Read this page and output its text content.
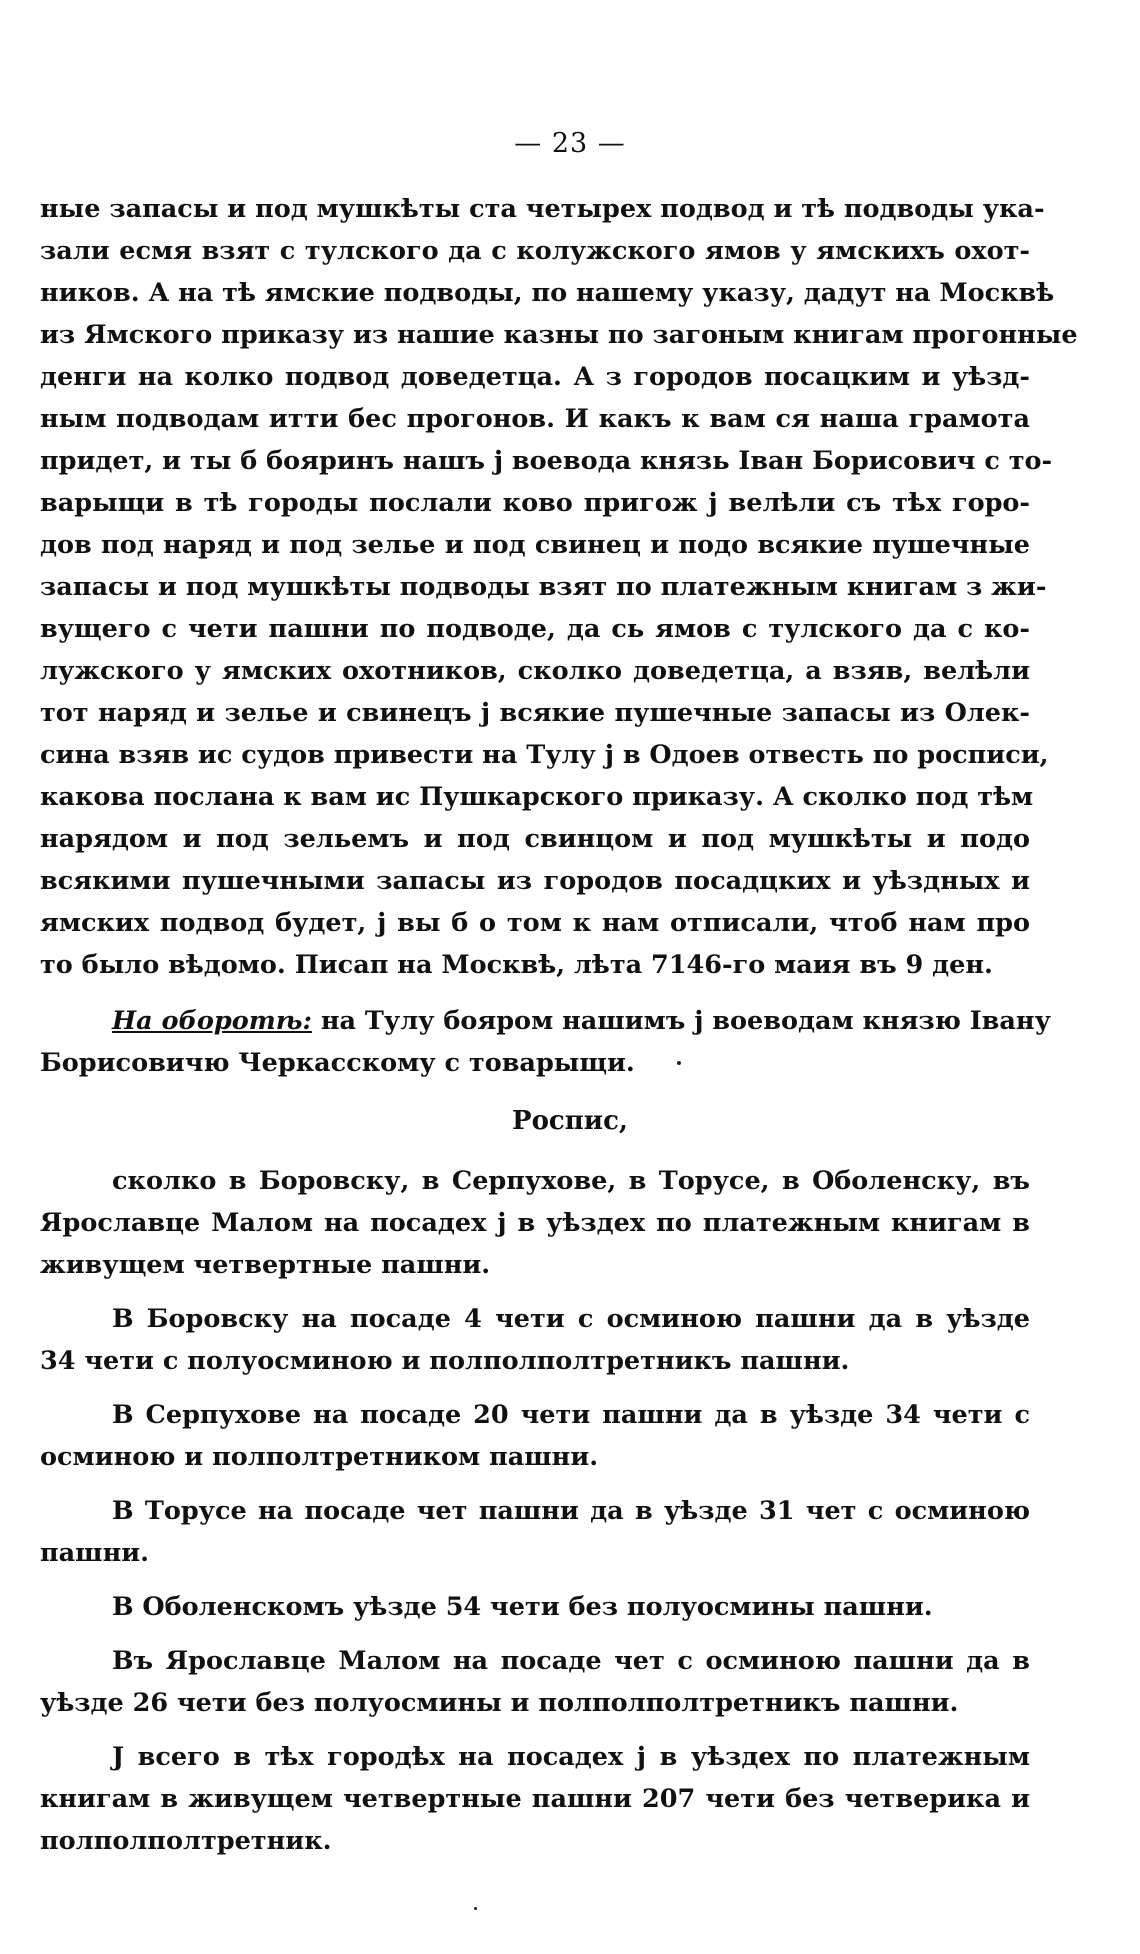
— 23 —
ные запасы и под мушкѣты ста четырех подвод и тѣ подводы ука-
зали есмя взят с тулского да с колужского ямов у ямскихъ охот-
ников. А на тѣ ямские подводы, по нашему указу, дадут на Москвѣ
из Ямского приказу из нашие казны по загоным книгам прогонные
денги на колко подвод доведетца. А з городов посацким и уѣзд-
ным подводам итти бес прогонов. И какъ к вам ся наша грамота
придет, и ты б бояринъ нашъ ј воевода князь Іван Борисович с то-
варыщи в тѣ городы послали ково пригож ј велѣли съ тѣх горо-
дов под наряд и под зелье и под свинец и подо всякие пушечные
запасы и под мушкѣты подводы взят по платежным книгам з жи-
вущего с чети пашни по подводе, да сь ямов с тулского да с ко-
лужского у ямских охотников, сколко доведетца, а взяв, велѣли
тот наряд и зелье и свинецъ ј всякие пушечные запасы из Олек-
сина взяв ис судов привести на Тулу ј в Одоев отвесть по росписи,
какова послана к вам ис Пушкарского приказу. А сколко под тѣм
нарядом и под зельемъ и под свинцом и под мушкѣты и подо
всякими пушечными запасы из городов посадцких и уѣздных и
ямских подвод будет, ј вы б о том к нам отписали, чтоб нам про
то было вѣдомо. Писап на Москвѣ, лѣта 7146-го маия въ 9 ден.
На оборотѣ: на Тулу бояром нашимъ ј воеводам князю Івану
Борисовичю Черкасскому с товарыщи.
Роспис,
сколко в Боровску, в Серпухове, в Торусе, в Оболенску, въ
Ярославце Малом на посадех ј в уѣздех по платежным книгам в
живущем четвертные пашни.
В Боровску на посаде 4 чети с осминою пашни да в уѣзде
34 чети с полуосминою и полполполтретникъ пашни.
В Серпухове на посаде 20 чети пашни да в уѣзде 34 чети с
осминою и полполтретником пашни.
В Торусе на посаде чет пашни да в уѣзде 31 чет с осминою
пашни.
В Оболенскомъ уѣзде 54 чети без полуосмины пашни.
Въ Ярославце Малом на посаде чет с осминою пашни да в
уѣзде 26 чети без полуосмины и полполполтретникъ пашни.
Ј всего в тѣх городѣх на посадех ј в уѣздех по платежным
книгам в живущем четвертные пашни 207 чети без четверика и
полполполтретник.
